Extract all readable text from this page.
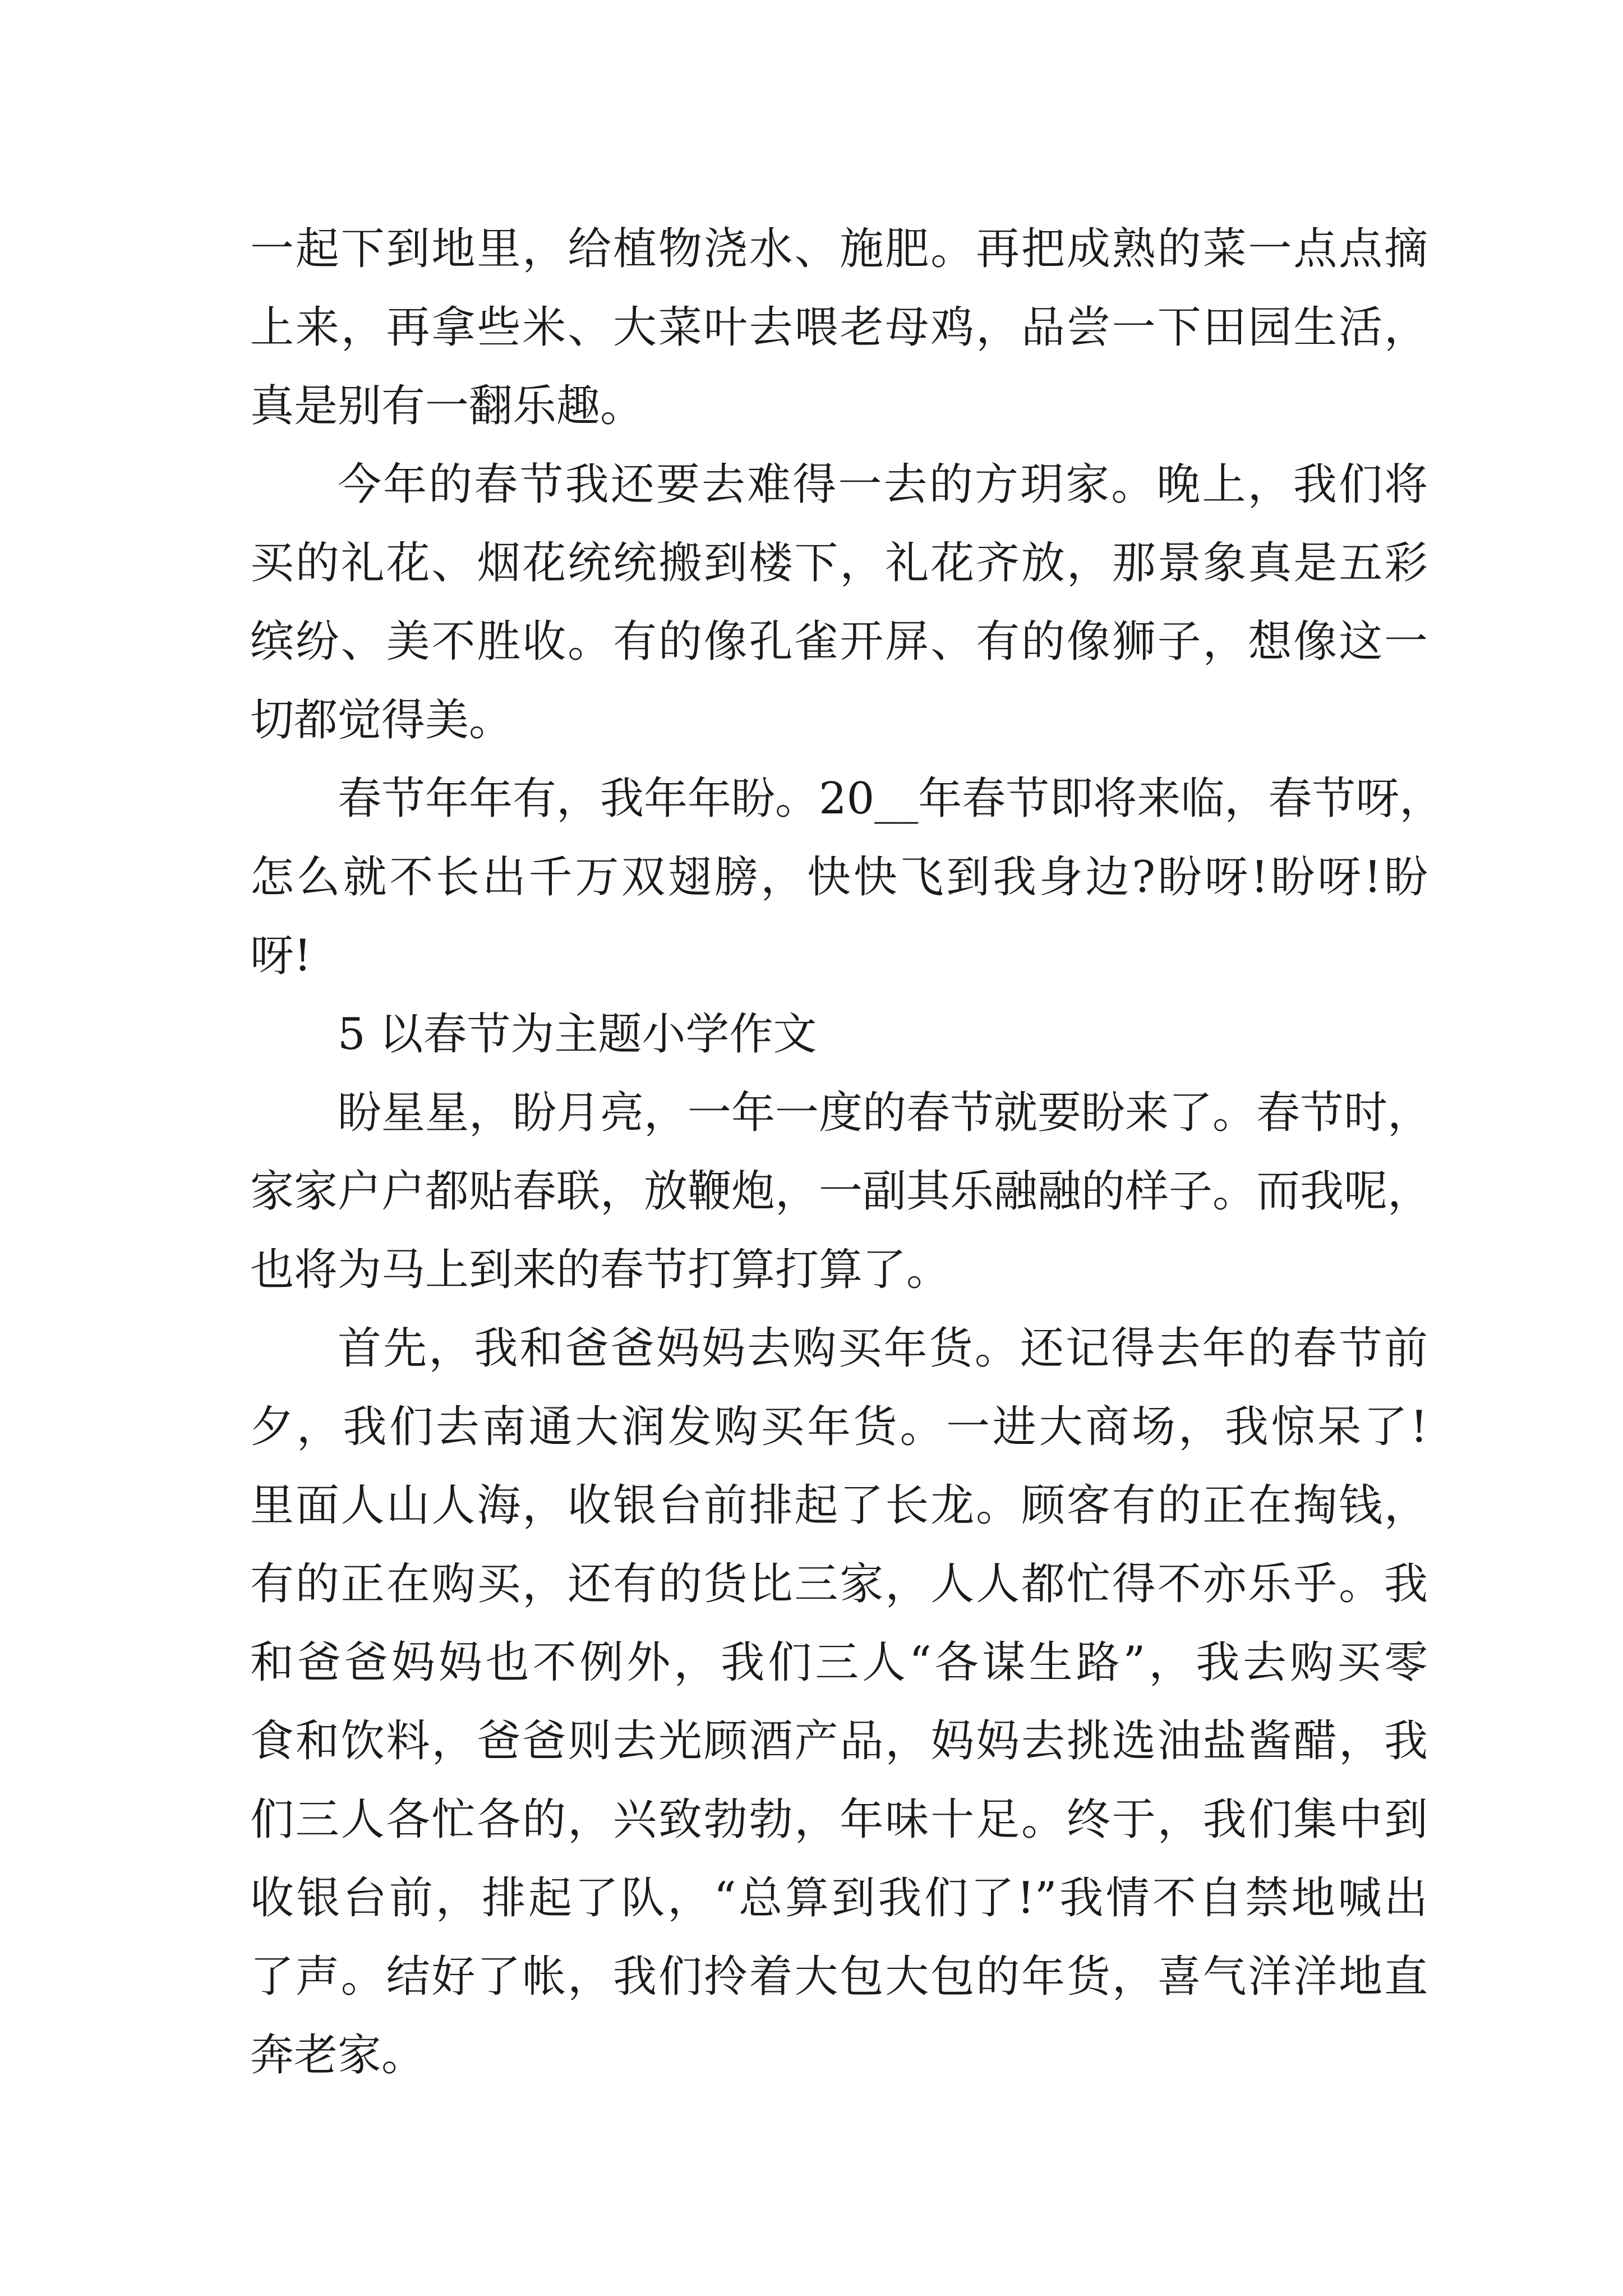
一起下到地里，给植物浇水、施肥。再把成熟的菜一点点摘
上来，再拿些米、大菜叶去喂老母鸡，品尝一下田园生活，
真是别有一翻乐趣。
今年的春节我还要去难得一去的方玥家。晚上，我们将
买的礼花、烟花统统搬到楼下，礼花齐放，那景象真是五彩
缤纷、美不胜收。有的像孔雀开屏、有的像狮子，想像这一
切都觉得美。
春节年年有，我年年盼。20__年春节即将来临，春节呀，
怎么就不长出千万双翅膀，快快飞到我身边?盼呀!盼呀!盼
呀!
5 以春节为主题小学作文
盼星星，盼月亮，一年一度的春节就要盼来了。春节时，
家家户户都贴春联，放鞭炮，一副其乐融融的样子。而我呢，
也将为马上到来的春节打算打算了。
首先，我和爸爸妈妈去购买年货。还记得去年的春节前
夕，我们去南通大润发购买年货。一进大商场，我惊呆了!
里面人山人海，收银台前排起了长龙。顾客有的正在掏钱，
有的正在购买，还有的货比三家，人人都忙得不亦乐乎。我
和爸爸妈妈也不例外，我们三人“各谋生路”，我去购买零
食和饮料，爸爸则去光顾酒产品，妈妈去挑选油盐酱醋，我
们三人各忙各的，兴致勃勃，年味十足。终于，我们集中到
收银台前，排起了队，“总算到我们了!”我情不自禁地喊出
了声。结好了帐，我们拎着大包大包的年货，喜气洋洋地直
奔老家。
